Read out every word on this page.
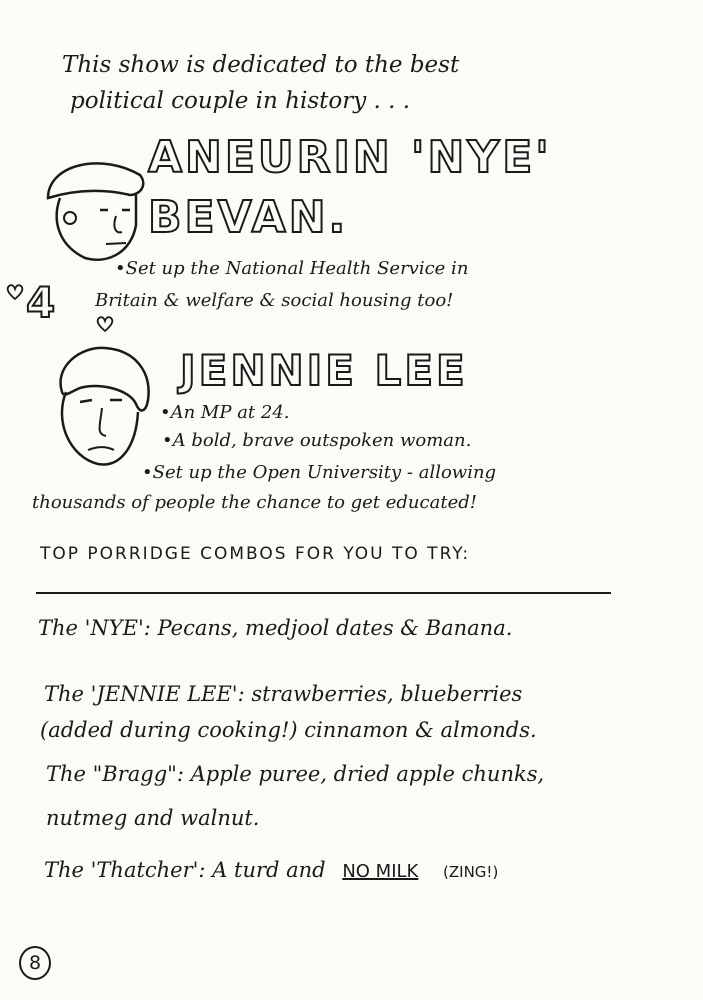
This show is dedicated to the best
political couple in history . . .
ANEURIN 'NYE'
BEVAN.
•Set up the National Health Service in
Britain & welfare & social housing too!
4
JENNIE LEE
•An MP at 24.
•A bold, brave outspoken woman.
•Set up the Open University - allowing
thousands of people the chance to get educated!
TOP PORRIDGE COMBOS FOR YOU TO TRY:
The 'NYE': Pecans, medjool dates & Banana.
The 'JENNIE LEE': strawberries, blueberries
(added during cooking!) cinnamon & almonds.
The "Bragg": Apple puree, dried apple chunks,
nutmeg and walnut.
The 'Thatcher': A turd and NO MILK (ZING!)
8
